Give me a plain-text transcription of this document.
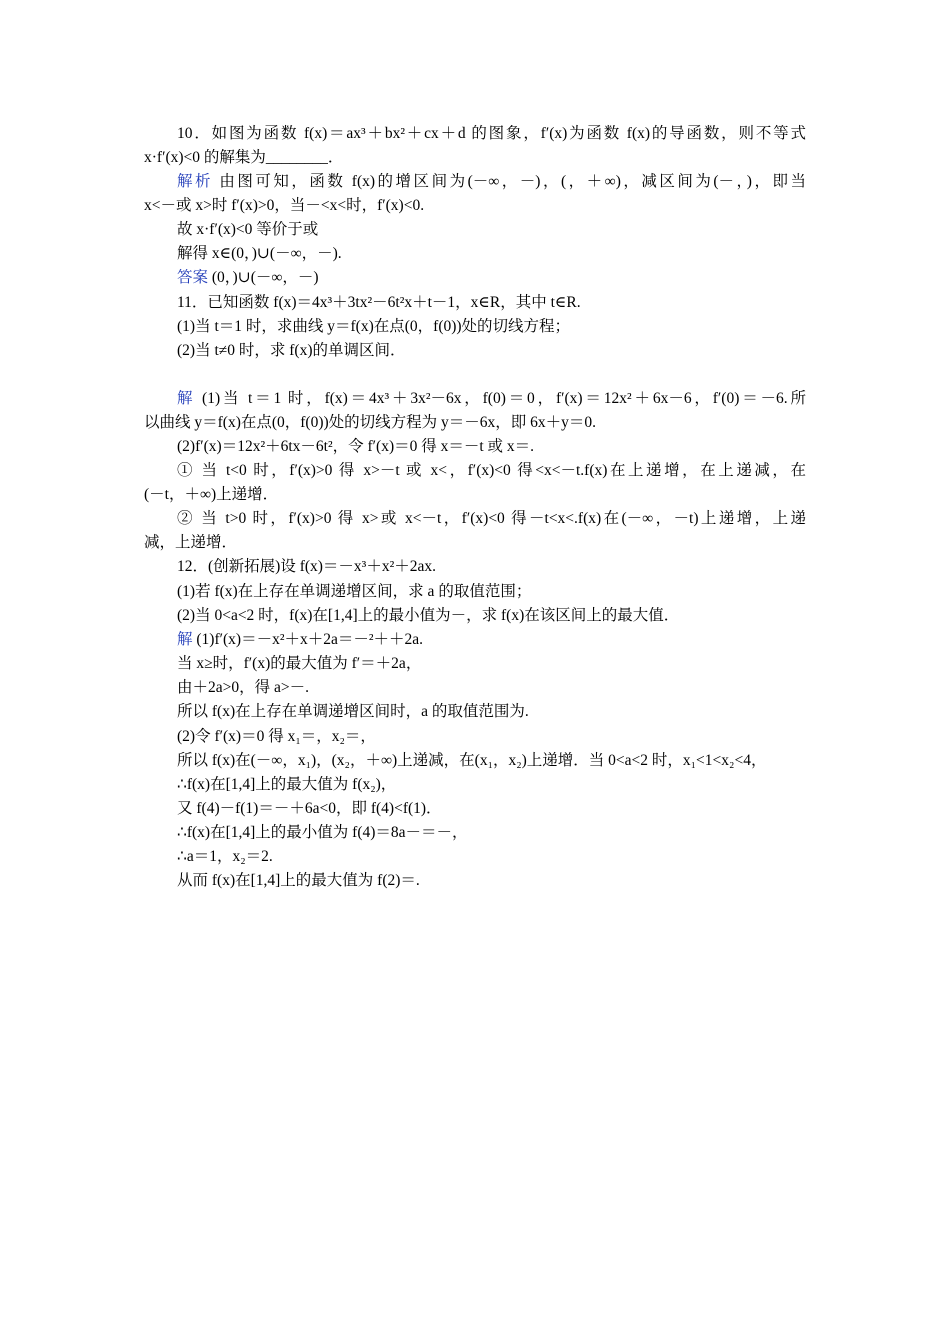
10．如图为函数 f(x)＝ax³＋bx²＋cx＋d 的图象，f′(x)为函数 f(x)的导函数，则不等式
x·f′(x)<0 的解集为________．
解析 由图可知，函数 f(x)的增区间为(－∞，－)，(，＋∞)，减区间为(－，)，即当
x<－或 x>时 f′(x)>0，当－<x<时，f′(x)<0.
故 x·f′(x)<0 等价于或
解得 x∈(0，)∪(－∞，－).
答案 (0，)∪(－∞，－)
11．已知函数 f(x)＝4x³＋3tx²－6t²x＋t－1，x∈R，其中 t∈R.
(1)当 t＝1 时，求曲线 y＝f(x)在点(0，f(0))处的切线方程；
(2)当 t≠0 时，求 f(x)的单调区间．
解 (1)当 t＝1 时，f(x)＝4x³＋3x²－6x，f(0)＝0，f′(x)＝12x²＋6x－6，f′(0)＝－6.所
以曲线 y＝f(x)在点(0，f(0))处的切线方程为 y＝－6x，即 6x＋y＝0.
(2)f′(x)＝12x²＋6tx－6t²，令 f′(x)＝0 得 x＝－t 或 x＝.
① 当 t<0 时，f′(x)>0 得 x>－t 或 x<，f′(x)<0 得<x<－t.f(x)在上递增，在上递减，在
(－t，＋∞)上递增．
② 当 t>0 时，f′(x)>0 得 x>或 x<－t，f′(x)<0 得－t<x<.f(x)在(－∞，－t)上递增，上递
减，上递增．
12．(创新拓展)设 f(x)＝－x³＋x²＋2ax.
(1)若 f(x)在上存在单调递增区间，求 a 的取值范围；
(2)当 0<a<2 时，f(x)在[1,4]上的最小值为－，求 f(x)在该区间上的最大值．
解 (1)f′(x)＝－x²＋x＋2a＝－²＋＋2a.
当 x≥时，f′(x)的最大值为 f′＝＋2a，
由＋2a>0，得 a>－.
所以 f(x)在上存在单调递增区间时，a 的取值范围为.
(2)令 f′(x)＝0 得 x₁＝，x₂＝，
所以 f(x)在(－∞，x₁)，(x₂，＋∞)上递减，在(x₁，x₂)上递增．当 0<a<2 时，x₁<1<x₂<4，
∴f(x)在[1,4]上的最大值为 f(x₂)，
又 f(4)－f(1)＝－＋6a<0，即 f(4)<f(1)．
∴f(x)在[1,4]上的最小值为 f(4)＝8a－＝－，
∴a＝1，x₂＝2.
从而 f(x)在[1,4]上的最大值为 f(2)＝.
